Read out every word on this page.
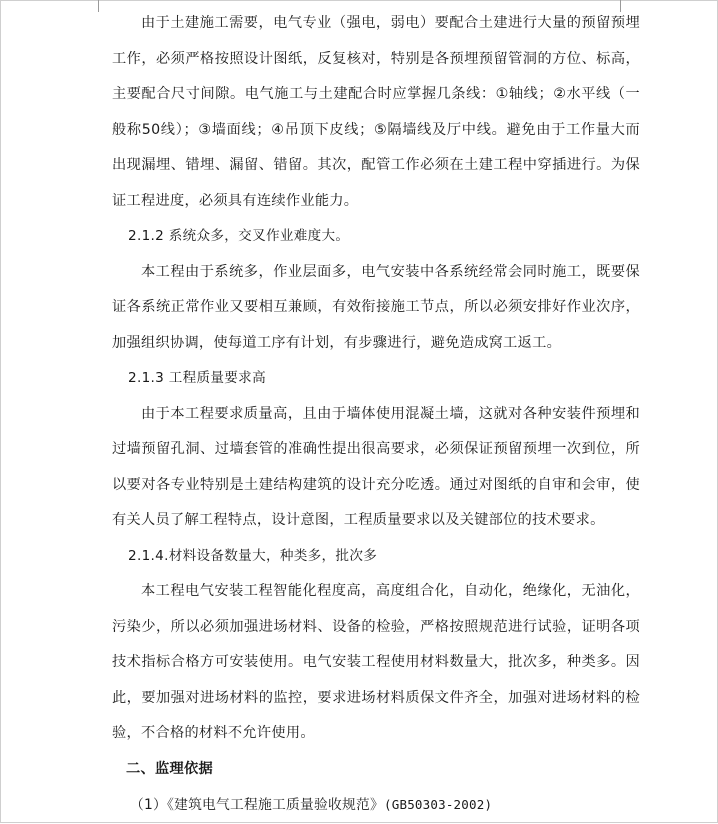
由于土建施工需要，电气专业（强电，弱电）要配合土建进行大量的预留预埋工作，必须严格按照设计图纸，反复核对，特别是各预埋预留管洞的方位、标高，主要配合尺寸间隙。电气施工与土建配合时应掌握几条线：①轴线；②水平线（一般称50线）；③墙面线；④吊顶下皮线；⑤隔墙线及厅中线。避免由于工作量大而出现漏埋、错埋、漏留、错留。其次，配管工作必须在土建工程中穿插进行。为保证工程进度，必须具有连续作业能力。

2.1.2 系统众多，交叉作业难度大。

本工程由于系统多，作业层面多，电气安装中各系统经常会同时施工，既要保证各系统正常作业又要相互兼顾，有效衔接施工节点，所以必须安排好作业次序，加强组织协调，使每道工序有计划，有步骤进行，避免造成窝工返工。

2.1.3 工程质量要求高

由于本工程要求质量高，且由于墙体使用混凝土墙，这就对各种安装件预埋和过墙预留孔洞、过墙套管的准确性提出很高要求，必须保证预留预埋一次到位，所以要对各专业特别是土建结构建筑的设计充分吃透。通过对图纸的自审和会审，使有关人员了解工程特点，设计意图，工程质量要求以及关键部位的技术要求。

2.1.4.材料设备数量大，种类多，批次多

本工程电气安装工程智能化程度高，高度组合化，自动化，绝缘化，无油化，污染少，所以必须加强进场材料、设备的检验，严格按照规范进行试验，证明各项技术指标合格方可安装使用。电气安装工程使用材料数量大，批次多，种类多。因此，要加强对进场材料的监控，要求进场材料质保文件齐全，加强对进场材料的检验，不合格的材料不允许使用。

二、监理依据

（1）《建筑电气工程施工质量验收规范》(GB50303-2002)
